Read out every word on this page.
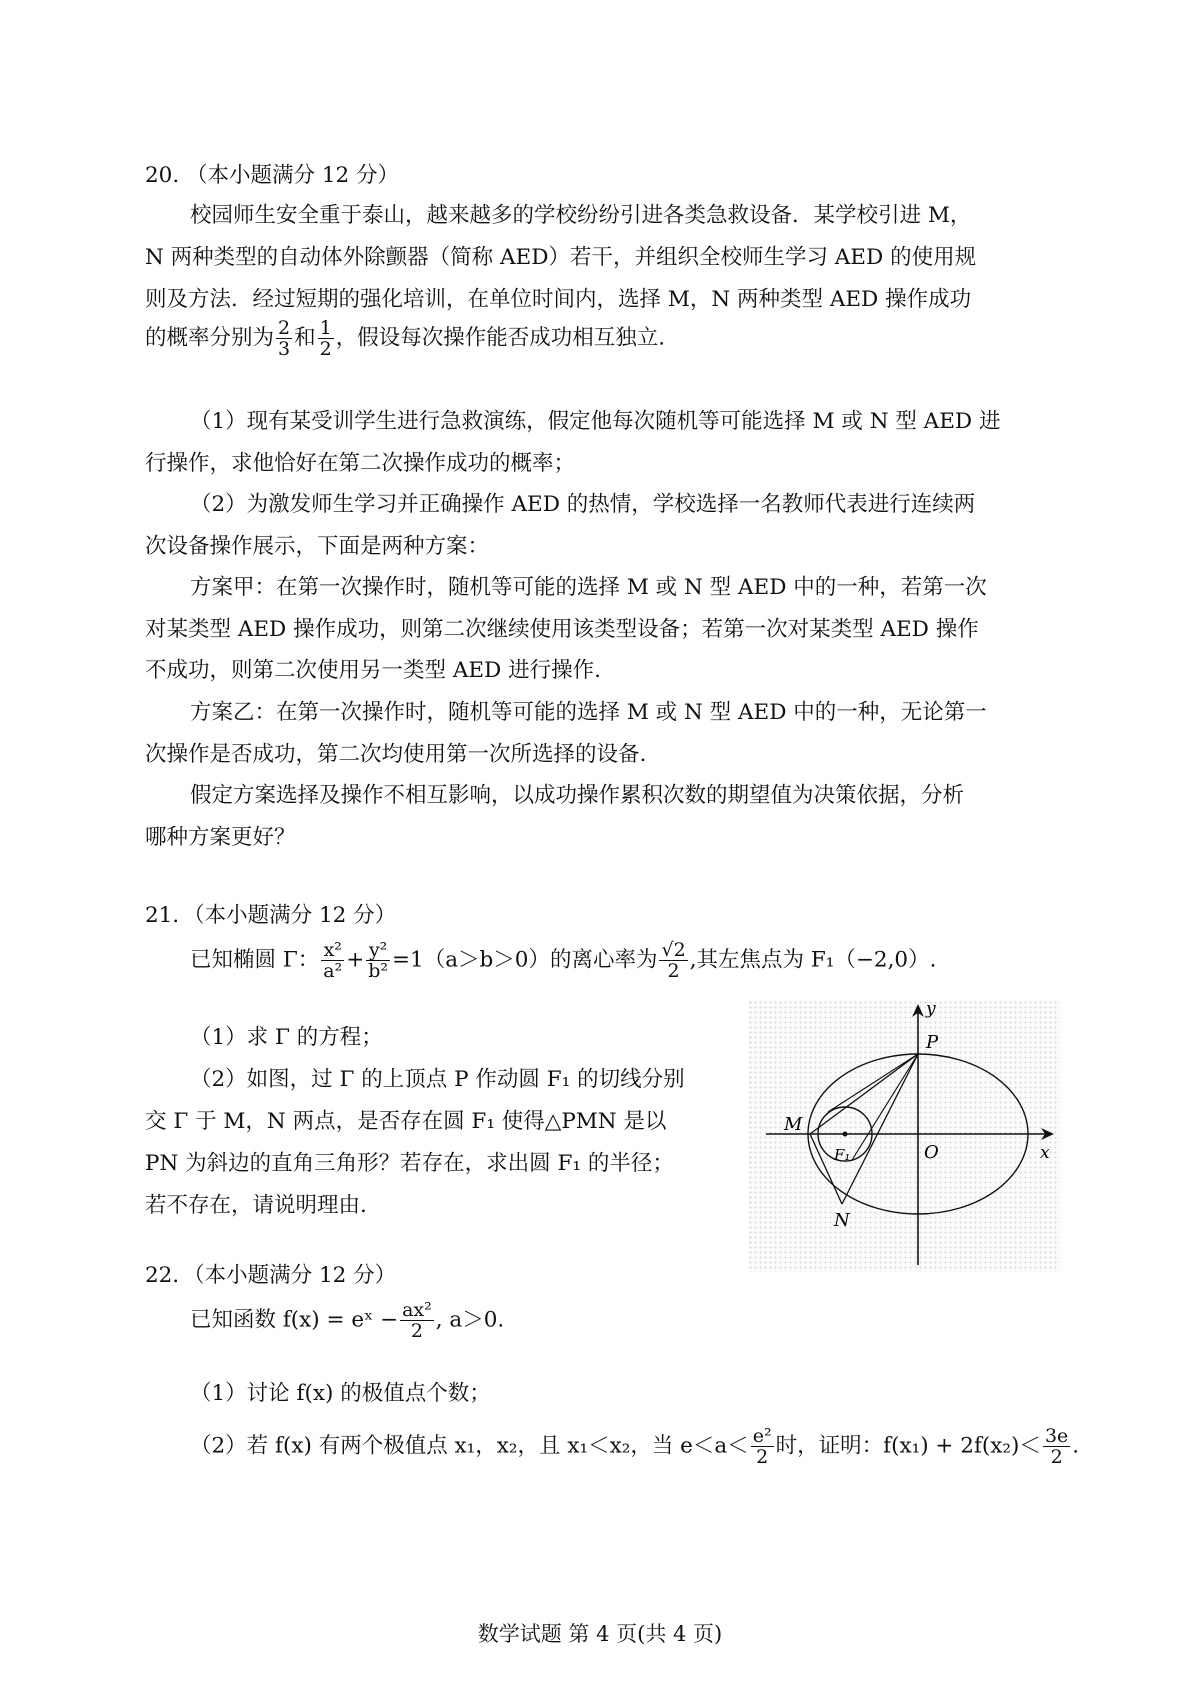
20. （本小题满分 12 分）
校园师生安全重于泰山，越来越多的学校纷纷引进各类急救设备．某学校引进 M，
N 两种类型的自动体外除颤器（简称 AED）若干，并组织全校师生学习 AED 的使用规
则及方法．经过短期的强化培训，在单位时间内，选择 M，N 两种类型 AED 操作成功
的概率分别为 $\frac{2}{3}$ 和 $\frac{1}{2}$ ，假设每次操作能否成功相互独立.
（1）现有某受训学生进行急救演练，假定他每次随机等可能选择 M 或 N 型 AED 进
行操作，求他恰好在第二次操作成功的概率；
（2）为激发师生学习并正确操作 AED 的热情，学校选择一名教师代表进行连续两
次设备操作展示，下面是两种方案：
方案甲：在第一次操作时，随机等可能的选择 M 或 N 型 AED 中的一种，若第一次
对某类型 AED 操作成功，则第二次继续使用该类型设备；若第一次对某类型 AED 操作
不成功，则第二次使用另一类型 AED 进行操作.
方案乙：在第一次操作时，随机等可能的选择 M 或 N 型 AED 中的一种，无论第一
次操作是否成功，第二次均使用第一次所选择的设备.
假定方案选择及操作不相互影响，以成功操作累积次数的期望值为决策依据，分析
哪种方案更好？
21．（本小题满分 12 分）
已知椭圆 Γ： $\frac{\text{x²}}{\text{a²}} + \frac{\text{y²}}{\text{b²}} =1(a>b>0)$的离心率为 $\frac{√2}{2}$ ,其左焦点为 F₁（−2,0）.
（1）求 Γ 的方程；
（2）如图，过 Γ 的上顶点 P 作动圆 F₁ 的切线分别
交 Γ 于 M，N 两点，是否存在圆 F₁ 使得△PMN 是以
PN 为斜边的直角三角形？若存在，求出圆 F₁ 的半径；
若不存在，请说明理由.
y
P
M
N
O
F₁	x
22．（本小题满分 12 分）
已知函数 f(x) = eˣ − $\frac{\text{ax²}}{2}$ , a＞0.
（1）讨论 f(x) 的极值点个数；
（2）若 f(x) 有两个极值点 x₁，x₂，且 x₁＜x₂，当 $e<a< \frac{\text{e²}}{2}$ 时，证明：$f(x_1) + 2f(x_2)< \frac{3e}{2}$ .
数学试题 第 4 页(共 4 页)
